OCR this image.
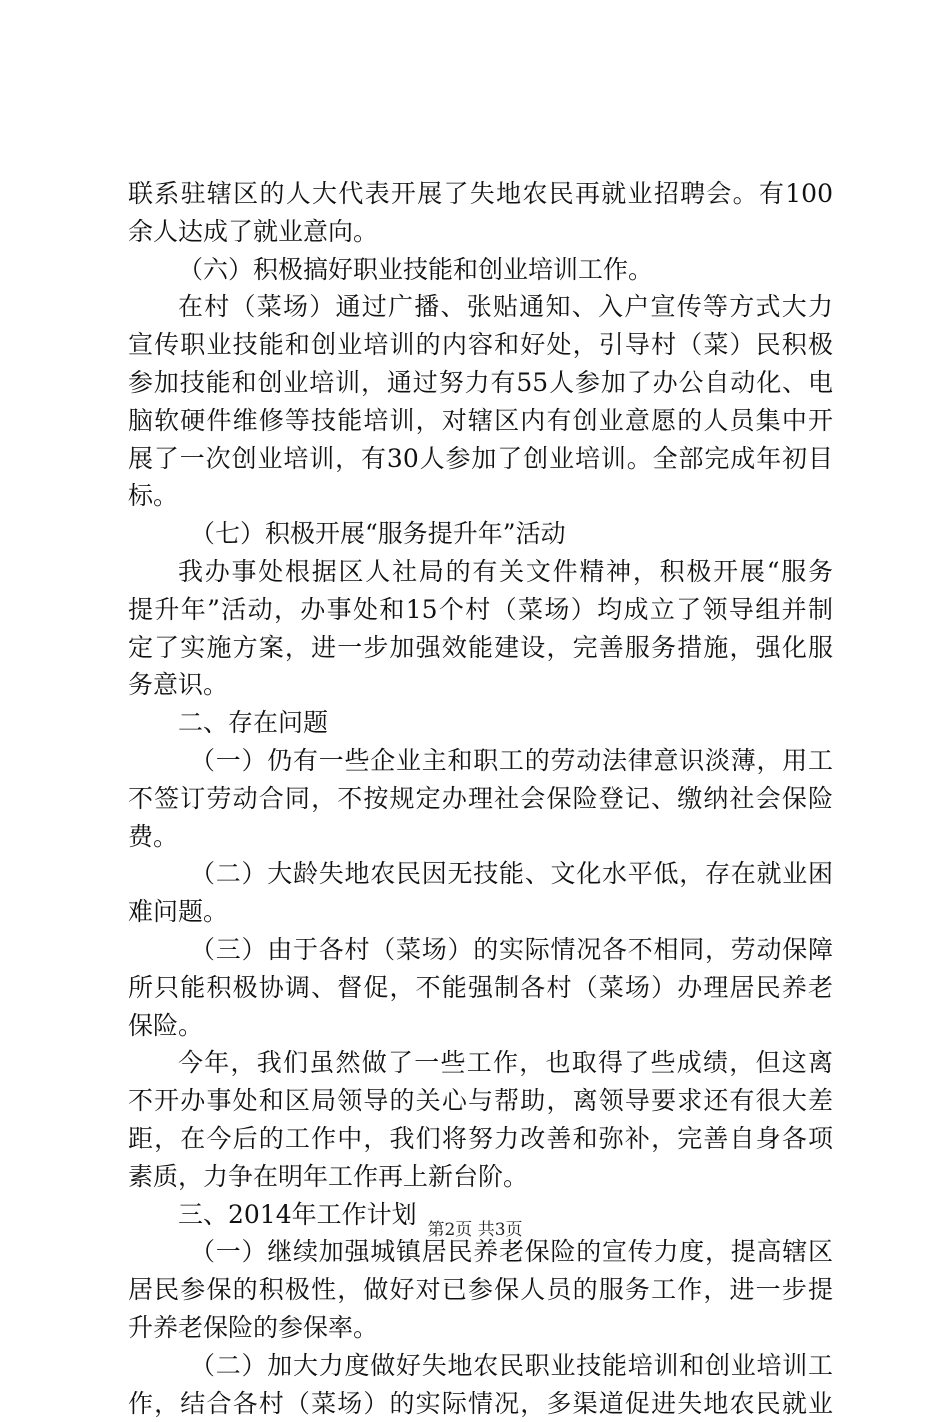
联系驻辖区的人大代表开展了失地农民再就业招聘会。有100
余人达成了就业意向。
（六）积极搞好职业技能和创业培训工作。
在村（菜场）通过广播、张贴通知、入户宣传等方式大力
宣传职业技能和创业培训的内容和好处，引导村（菜）民积极
参加技能和创业培训，通过努力有55人参加了办公自动化、电
脑软硬件维修等技能培训，对辖区内有创业意愿的人员集中开
展了一次创业培训，有30人参加了创业培训。全部完成年初目
标。
（七）积极开展“服务提升年”活动
我办事处根据区人社局的有关文件精神，积极开展“服务
提升年”活动，办事处和15个村（菜场）均成立了领导组并制
定了实施方案，进一步加强效能建设，完善服务措施，强化服
务意识。
二、存在问题
（一）仍有一些企业主和职工的劳动法律意识淡薄，用工
不签订劳动合同，不按规定办理社会保险登记、缴纳社会保险
费。
（二）大龄失地农民因无技能、文化水平低，存在就业困
难问题。
（三）由于各村（菜场）的实际情况各不相同，劳动保障
所只能积极协调、督促，不能强制各村（菜场）办理居民养老
保险。
今年，我们虽然做了一些工作，也取得了些成绩，但这离
不开办事处和区局领导的关心与帮助，离领导要求还有很大差
距，在今后的工作中，我们将努力改善和弥补，完善自身各项
素质，力争在明年工作再上新台阶。
三、2014年工作计划
（一）继续加强城镇居民养老保险的宣传力度，提高辖区
居民参保的积极性，做好对已参保人员的服务工作，进一步提
升养老保险的参保率。
（二）加大力度做好失地农民职业技能培训和创业培训工
作，结合各村（菜场）的实际情况，多渠道促进失地农民就业
第2页 共3页
